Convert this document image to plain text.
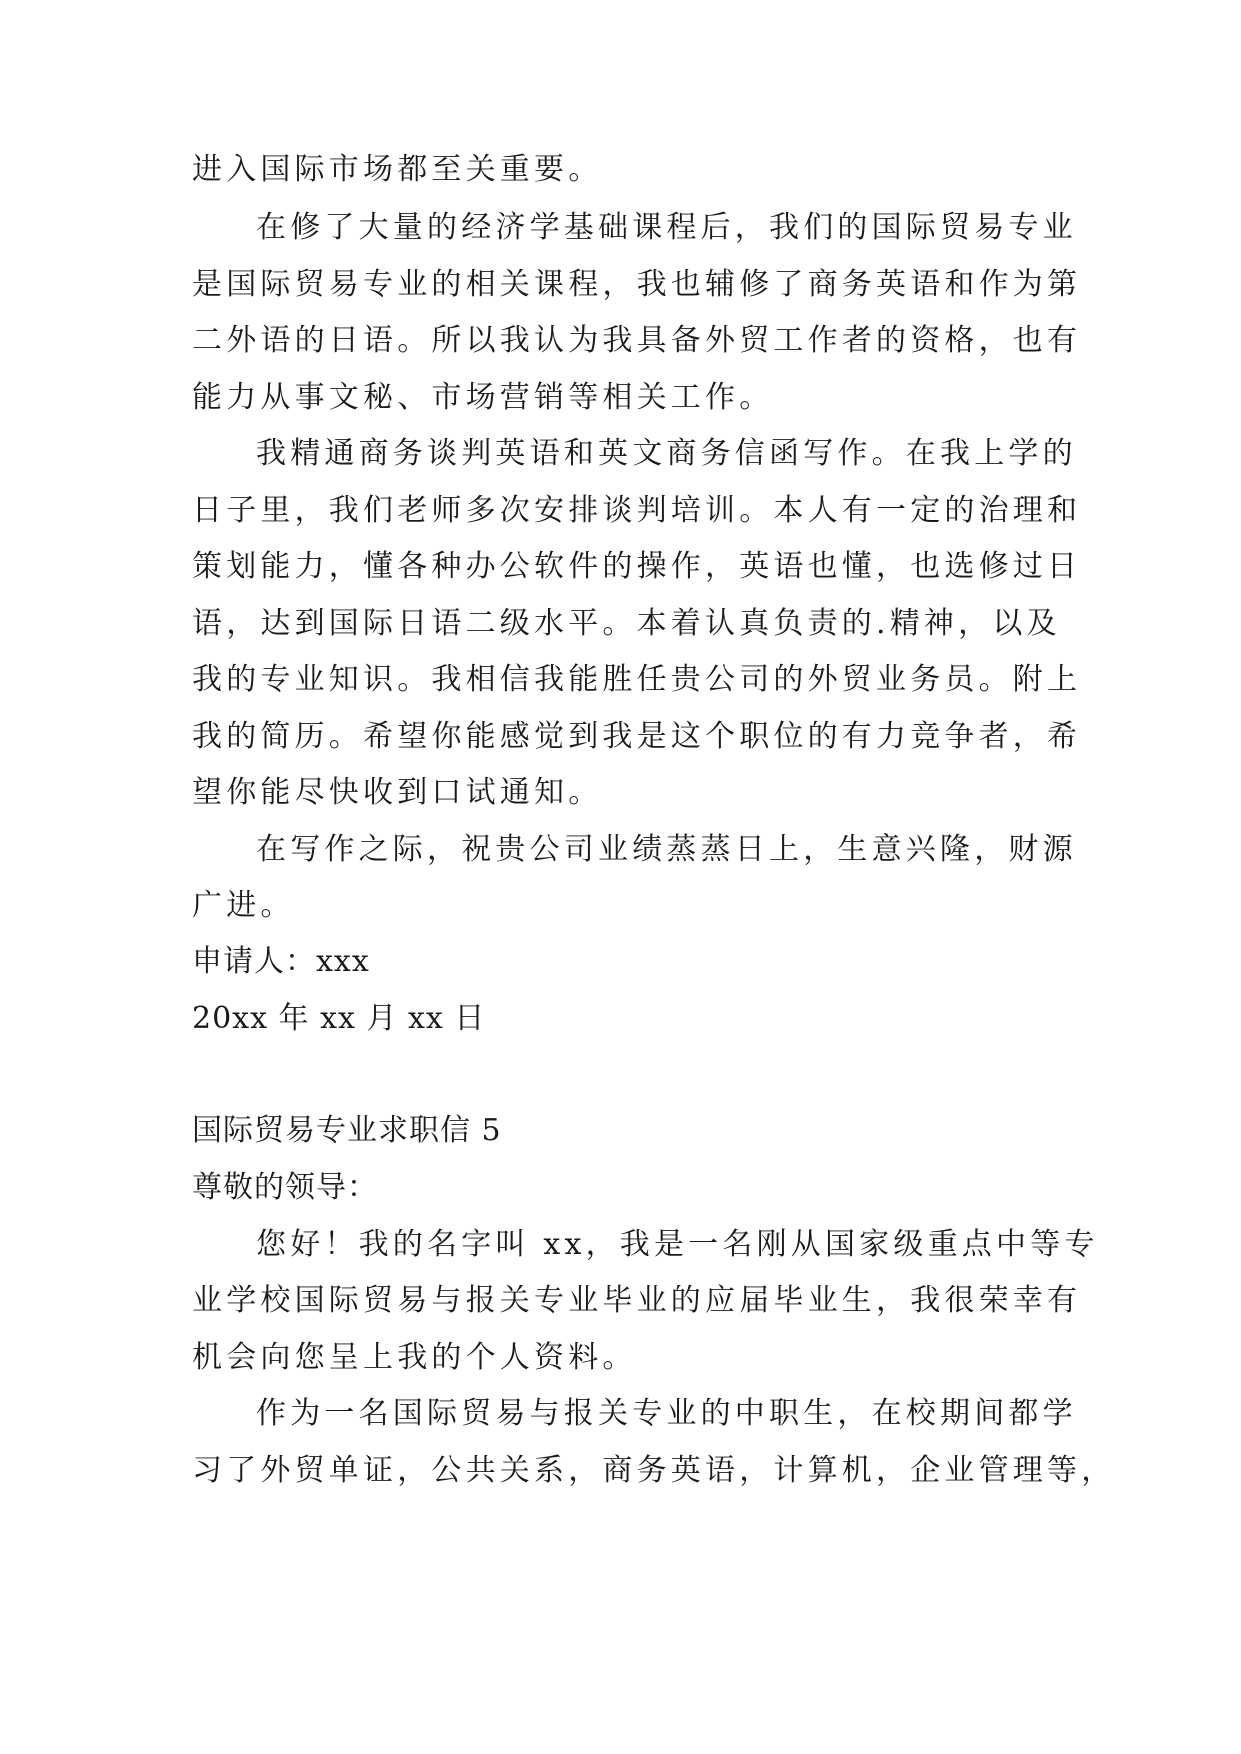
进入国际市场都至关重要。
在修了大量的经济学基础课程后，我们的国际贸易专业
是国际贸易专业的相关课程，我也辅修了商务英语和作为第
二外语的日语。所以我认为我具备外贸工作者的资格，也有
能力从事文秘、市场营销等相关工作。
我精通商务谈判英语和英文商务信函写作。在我上学的
日子里，我们老师多次安排谈判培训。本人有一定的治理和
策划能力，懂各种办公软件的操作，英语也懂，也选修过日
语，达到国际日语二级水平。本着认真负责的.精神，以及
我的专业知识。我相信我能胜任贵公司的外贸业务员。附上
我的简历。希望你能感觉到我是这个职位的有力竞争者，希
望你能尽快收到口试通知。
在写作之际，祝贵公司业绩蒸蒸日上，生意兴隆，财源
广进。
申请人：xxx
20xx 年 xx 月 xx 日
国际贸易专业求职信 5
尊敬的领导：
您好！我的名字叫 xx，我是一名刚从国家级重点中等专
业学校国际贸易与报关专业毕业的应届毕业生，我很荣幸有
机会向您呈上我的个人资料。
作为一名国际贸易与报关专业的中职生，在校期间都学
习了外贸单证，公共关系，商务英语，计算机，企业管理等，
